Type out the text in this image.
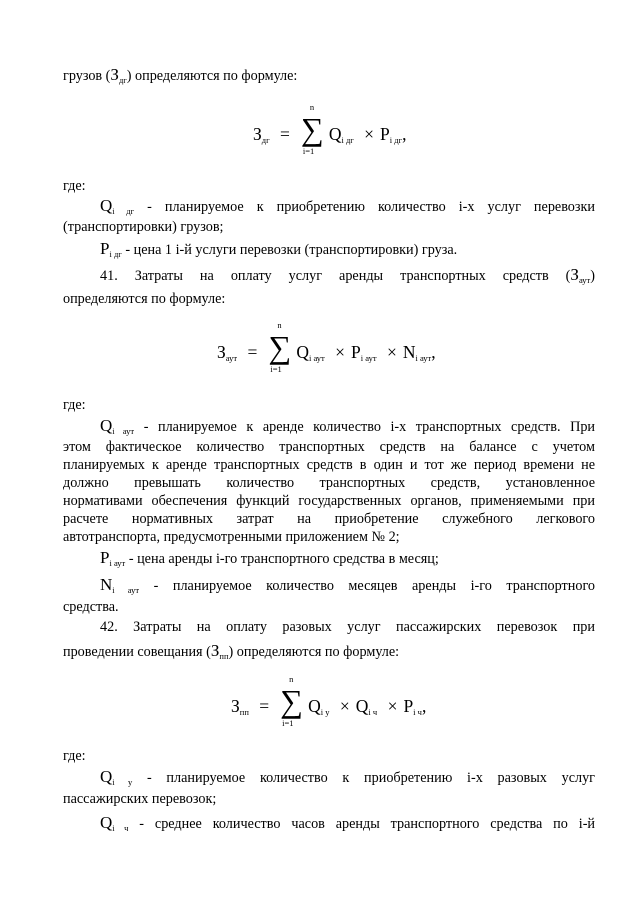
грузов $(З_{дг})$ определяются по формуле:
$З_{дг}$ =
n
∑
i=1
$Q_{i дг} \times P_{i дг}$,
где:
$Q_{i дг}$ - планируемое к приобретению количество i-х услуг перевозки
(транспортировки) грузов;
$P_{i дг}$ - цена 1 i-й услуги перевозки (транспортировки) груза.
41. Затраты на оплату услуг аренды транспортных средств $(З_{аут})$
определяются по формуле:
$З_{аут}$ =
n
∑
i=1
$Q_{i аут} \times P_{i аут} \times N_{i аут}$,
где:
$Q_{i аут}$ - планируемое к аренде количество i-х транспортных средств. При
этом фактическое количество транспортных средств на балансе с учетом
планируемых к аренде транспортных средств в один и тот же период времени не
должно превышать количество транспортных средств, установленное
нормативами обеспечения функций государственных органов, применяемыми при
расчете нормативных затрат на приобретение служебного легкового
автотранспорта, предусмотренными приложением № 2;
$P_{i аут}$ - цена аренды i-го транспортного средства в месяц;
$N_{i аут}$ - планируемое количество месяцев аренды i-го транспортного
средства.
42. Затраты на оплату разовых услуг пассажирских перевозок при
проведении совещания $(З_{пп})$ определяются по формуле:
$З_{пп}$ =
n
∑
i=1
$Q_{i у} \times Q_{i ч} \times P_{i ч}$,
где:
$Q_{i у}$ - планируемое количество к приобретению i-х разовых услуг
пассажирских перевозок;
$Q_{i ч}$ - среднее количество часов аренды транспортного средства по i-й
